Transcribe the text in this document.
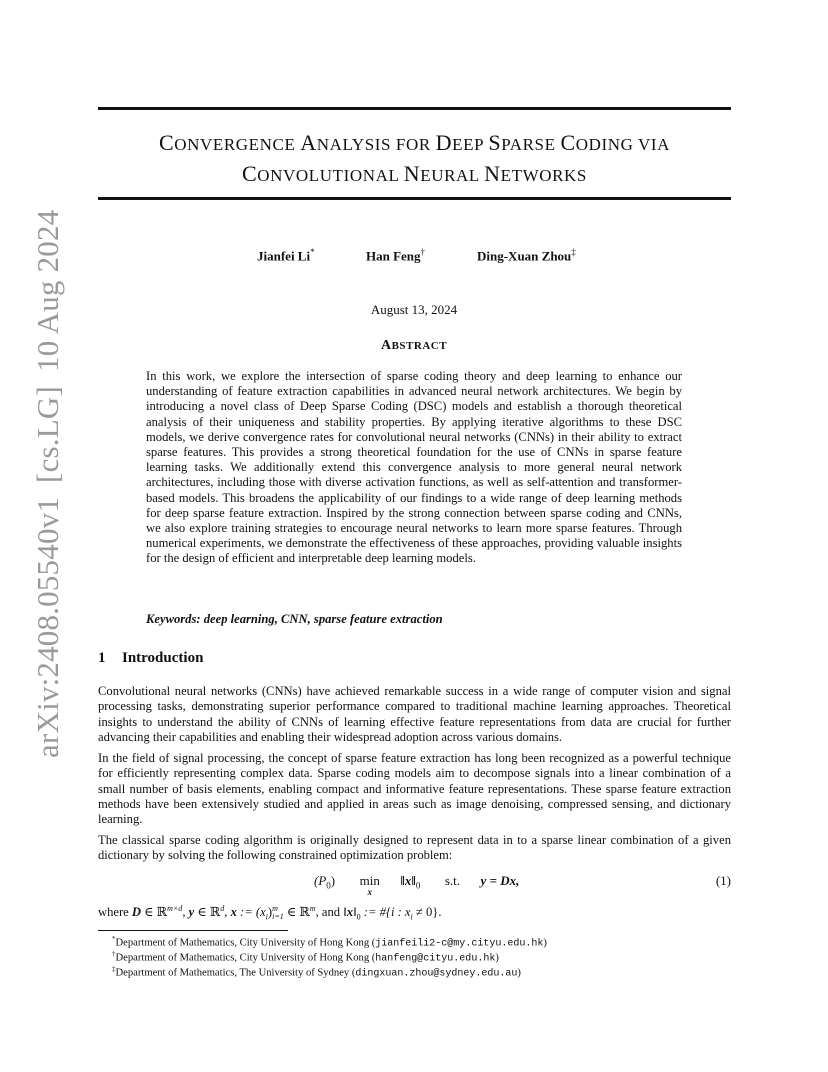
arXiv:2408.05540v1[cs.LG]10 Aug 2024
CONVERGENCE ANALYSIS FOR DEEP SPARSE CODING VIA
CONVOLUTIONAL NEURAL NETWORKS
Jianfei Li*	Han Feng†	Ding-Xuan Zhou‡
August 13, 2024
ABSTRACT

In this work, we explore the intersection of sparse coding theory and deep learning to enhance our understanding of feature extraction capabilities in advanced neural network architectures. We begin by introducing a novel class of Deep Sparse Coding (DSC) models and establish a thorough theoretical analysis of their uniqueness and stability properties. By applying iterative algorithms to these DSC models, we derive convergence rates for convolutional neural networks (CNNs) in their ability to extract sparse features. This provides a strong theoretical foundation for the use of CNNs in sparse feature learning tasks. We additionally extend this convergence analysis to more general neural network architectures, including those with diverse activation functions, as well as self-attention and transformer-based models. This broadens the applicability of our findings to a wide range of deep learning methods for deep sparse feature extraction. Inspired by the strong connection between sparse coding and CNNs, we also explore training strategies to encourage neural networks to learn more sparse features. Through numerical experiments, we demonstrate the effectiveness of these approaches, providing valuable insights for the design of efficient and interpretable deep learning models.

Keywords: deep learning, CNN, sparse feature extraction
1 Introduction

Convolutional neural networks (CNNs) have achieved remarkable success in a wide range of computer vision and signal processing tasks, demonstrating superior performance compared to traditional machine learning approaches. Theoretical insights to understand the ability of CNNs of learning effective feature representations from data are crucial for further advancing their capabilities and enabling their widespread adoption across various domains.

In the field of signal processing, the concept of sparse feature extraction has long been recognized as a powerful technique for efficiently representing complex data. Sparse coding models aim to decompose signals into a linear combination of a small number of basis elements, enabling compact and informative feature representations. These sparse feature extraction methods have been extensively studied and applied in areas such as image denoising, compressed sensing, and dictionary learning.

The classical sparse coding algorithm is originally designed to represent data in to a sparse linear combination of a given dictionary by solving the following constrained optimization problem:

$(P_0)$ min
$^x$  $‖x‖_0$ s.t. y = Dx,	(1)
where D ∈ ℝ$^{m\times d}$, y ∈ ℝ$^d$, x := $(x_i)m$
i=1 ∈ ℝ$^m$, and $‖x‖_0$ := #{i : $x_i \ne 0$}.
*Department of Mathematics, City University of Hong Kong (jianfeili2-c@my.cityu.edu.hk)
†Department of Mathematics, City University of Hong Kong (hanfeng@cityu.edu.hk)
‡Department of Mathematics, The University of Sydney (dingxuan.zhou@sydney.edu.au)
